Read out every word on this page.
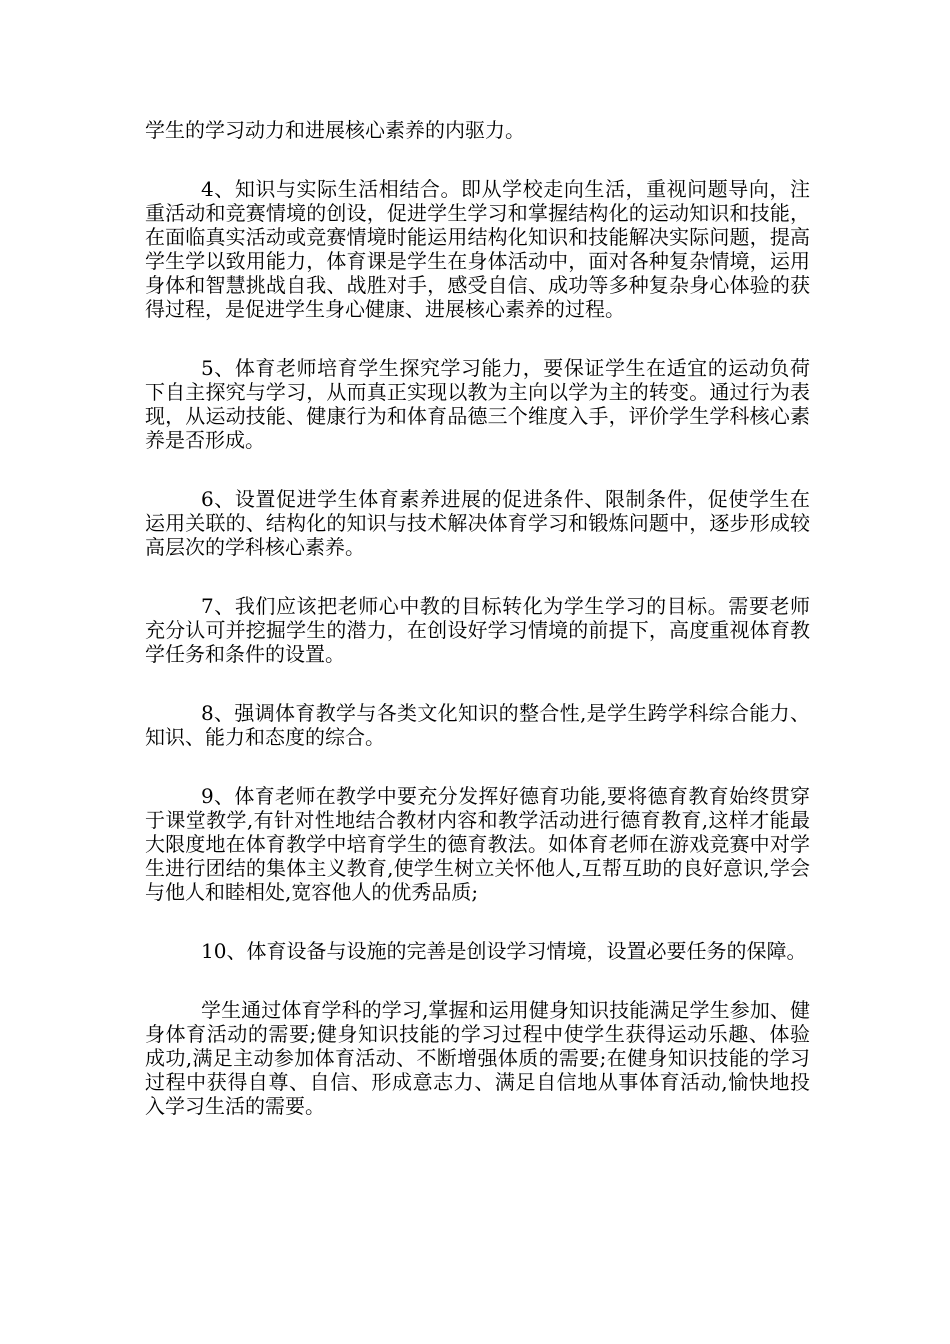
学生的学习动力和进展核心素养的内驱力。

4、知识与实际生活相结合。即从学校走向生活，重视问题导向，注重活动和竞赛情境的创设，促进学生学习和掌握结构化的运动知识和技能，在面临真实活动或竞赛情境时能运用结构化知识和技能解决实际问题，提高学生学以致用能力，体育课是学生在身体活动中，面对各种复杂情境，运用身体和智慧挑战自我、战胜对手，感受自信、成功等多种复杂身心体验的获得过程，是促进学生身心健康、进展核心素养的过程。

5、体育老师培育学生探究学习能力，要保证学生在适宜的运动负荷下自主探究与学习，从而真正实现以教为主向以学为主的转变。通过行为表现，从运动技能、健康行为和体育品德三个维度入手，评价学生学科核心素养是否形成。

6、设置促进学生体育素养进展的促进条件、限制条件，促使学生在运用关联的、结构化的知识与技术解决体育学习和锻炼问题中，逐步形成较高层次的学科核心素养。

7、我们应该把老师心中教的目标转化为学生学习的目标。需要老师充分认可并挖掘学生的潜力，在创设好学习情境的前提下，高度重视体育教学任务和条件的设置。

8、强调体育教学与各类文化知识的整合性,是学生跨学科综合能力、知识、能力和态度的综合。

9、体育老师在教学中要充分发挥好德育功能,要将德育教育始终贯穿于课堂教学,有针对性地结合教材内容和教学活动进行德育教育,这样才能最大限度地在体育教学中培育学生的德育教法。如体育老师在游戏竞赛中对学生进行团结的集体主义教育,使学生树立关怀他人,互帮互助的良好意识,学会与他人和睦相处,宽容他人的优秀品质;

10、体育设备与设施的完善是创设学习情境，设置必要任务的保障。

学生通过体育学科的学习,掌握和运用健身知识技能满足学生参加、健身体育活动的需要;健身知识技能的学习过程中使学生获得运动乐趣、体验成功,满足主动参加体育活动、不断增强体质的需要;在健身知识技能的学习过程中获得自尊、自信、形成意志力、满足自信地从事体育活动,愉快地投入学习生活的需要。
